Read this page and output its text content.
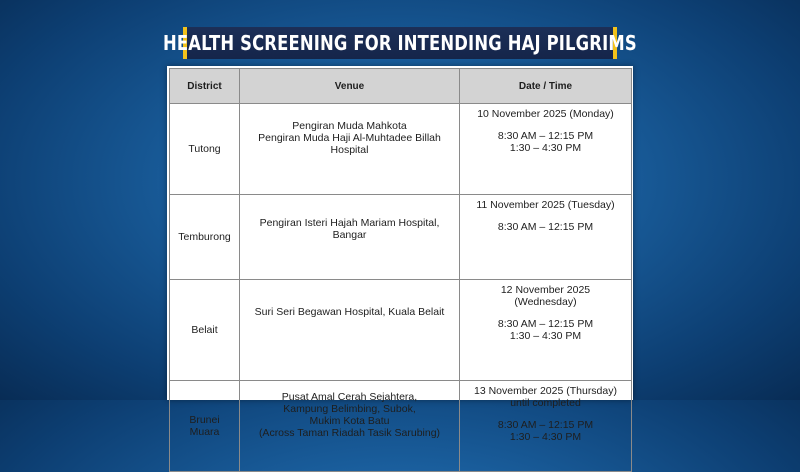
HEALTH SCREENING FOR INTENDING HAJ PILGRIMS
District	Venue	Date / Time

Tutong	Pengiran Muda Mahkota
Pengiran Muda Haji Al-Muhtadee Billah
Hospital	10 November 2025 (Monday)
8:30 AM – 12:15 PM
1:30 – 4:30 PM

Temburong	Pengiran Isteri Hajah Mariam Hospital,
Bangar	11 November 2025 (Tuesday)
8:30 AM – 12:15 PM

Belait	Suri Seri Begawan Hospital, Kuala Belait	12 November 2025
(Wednesday)
8:30 AM – 12:15 PM
1:30 – 4:30 PM

Brunei
Muara	Pusat Amal Cerah Sejahtera,
Kampung Belimbing, Subok,
Mukim Kota Batu
(Across Taman Riadah Tasik Sarubing)	13 November 2025 (Thursday)
until completed
8:30 AM – 12:15 PM
1:30 – 4:30 PM
